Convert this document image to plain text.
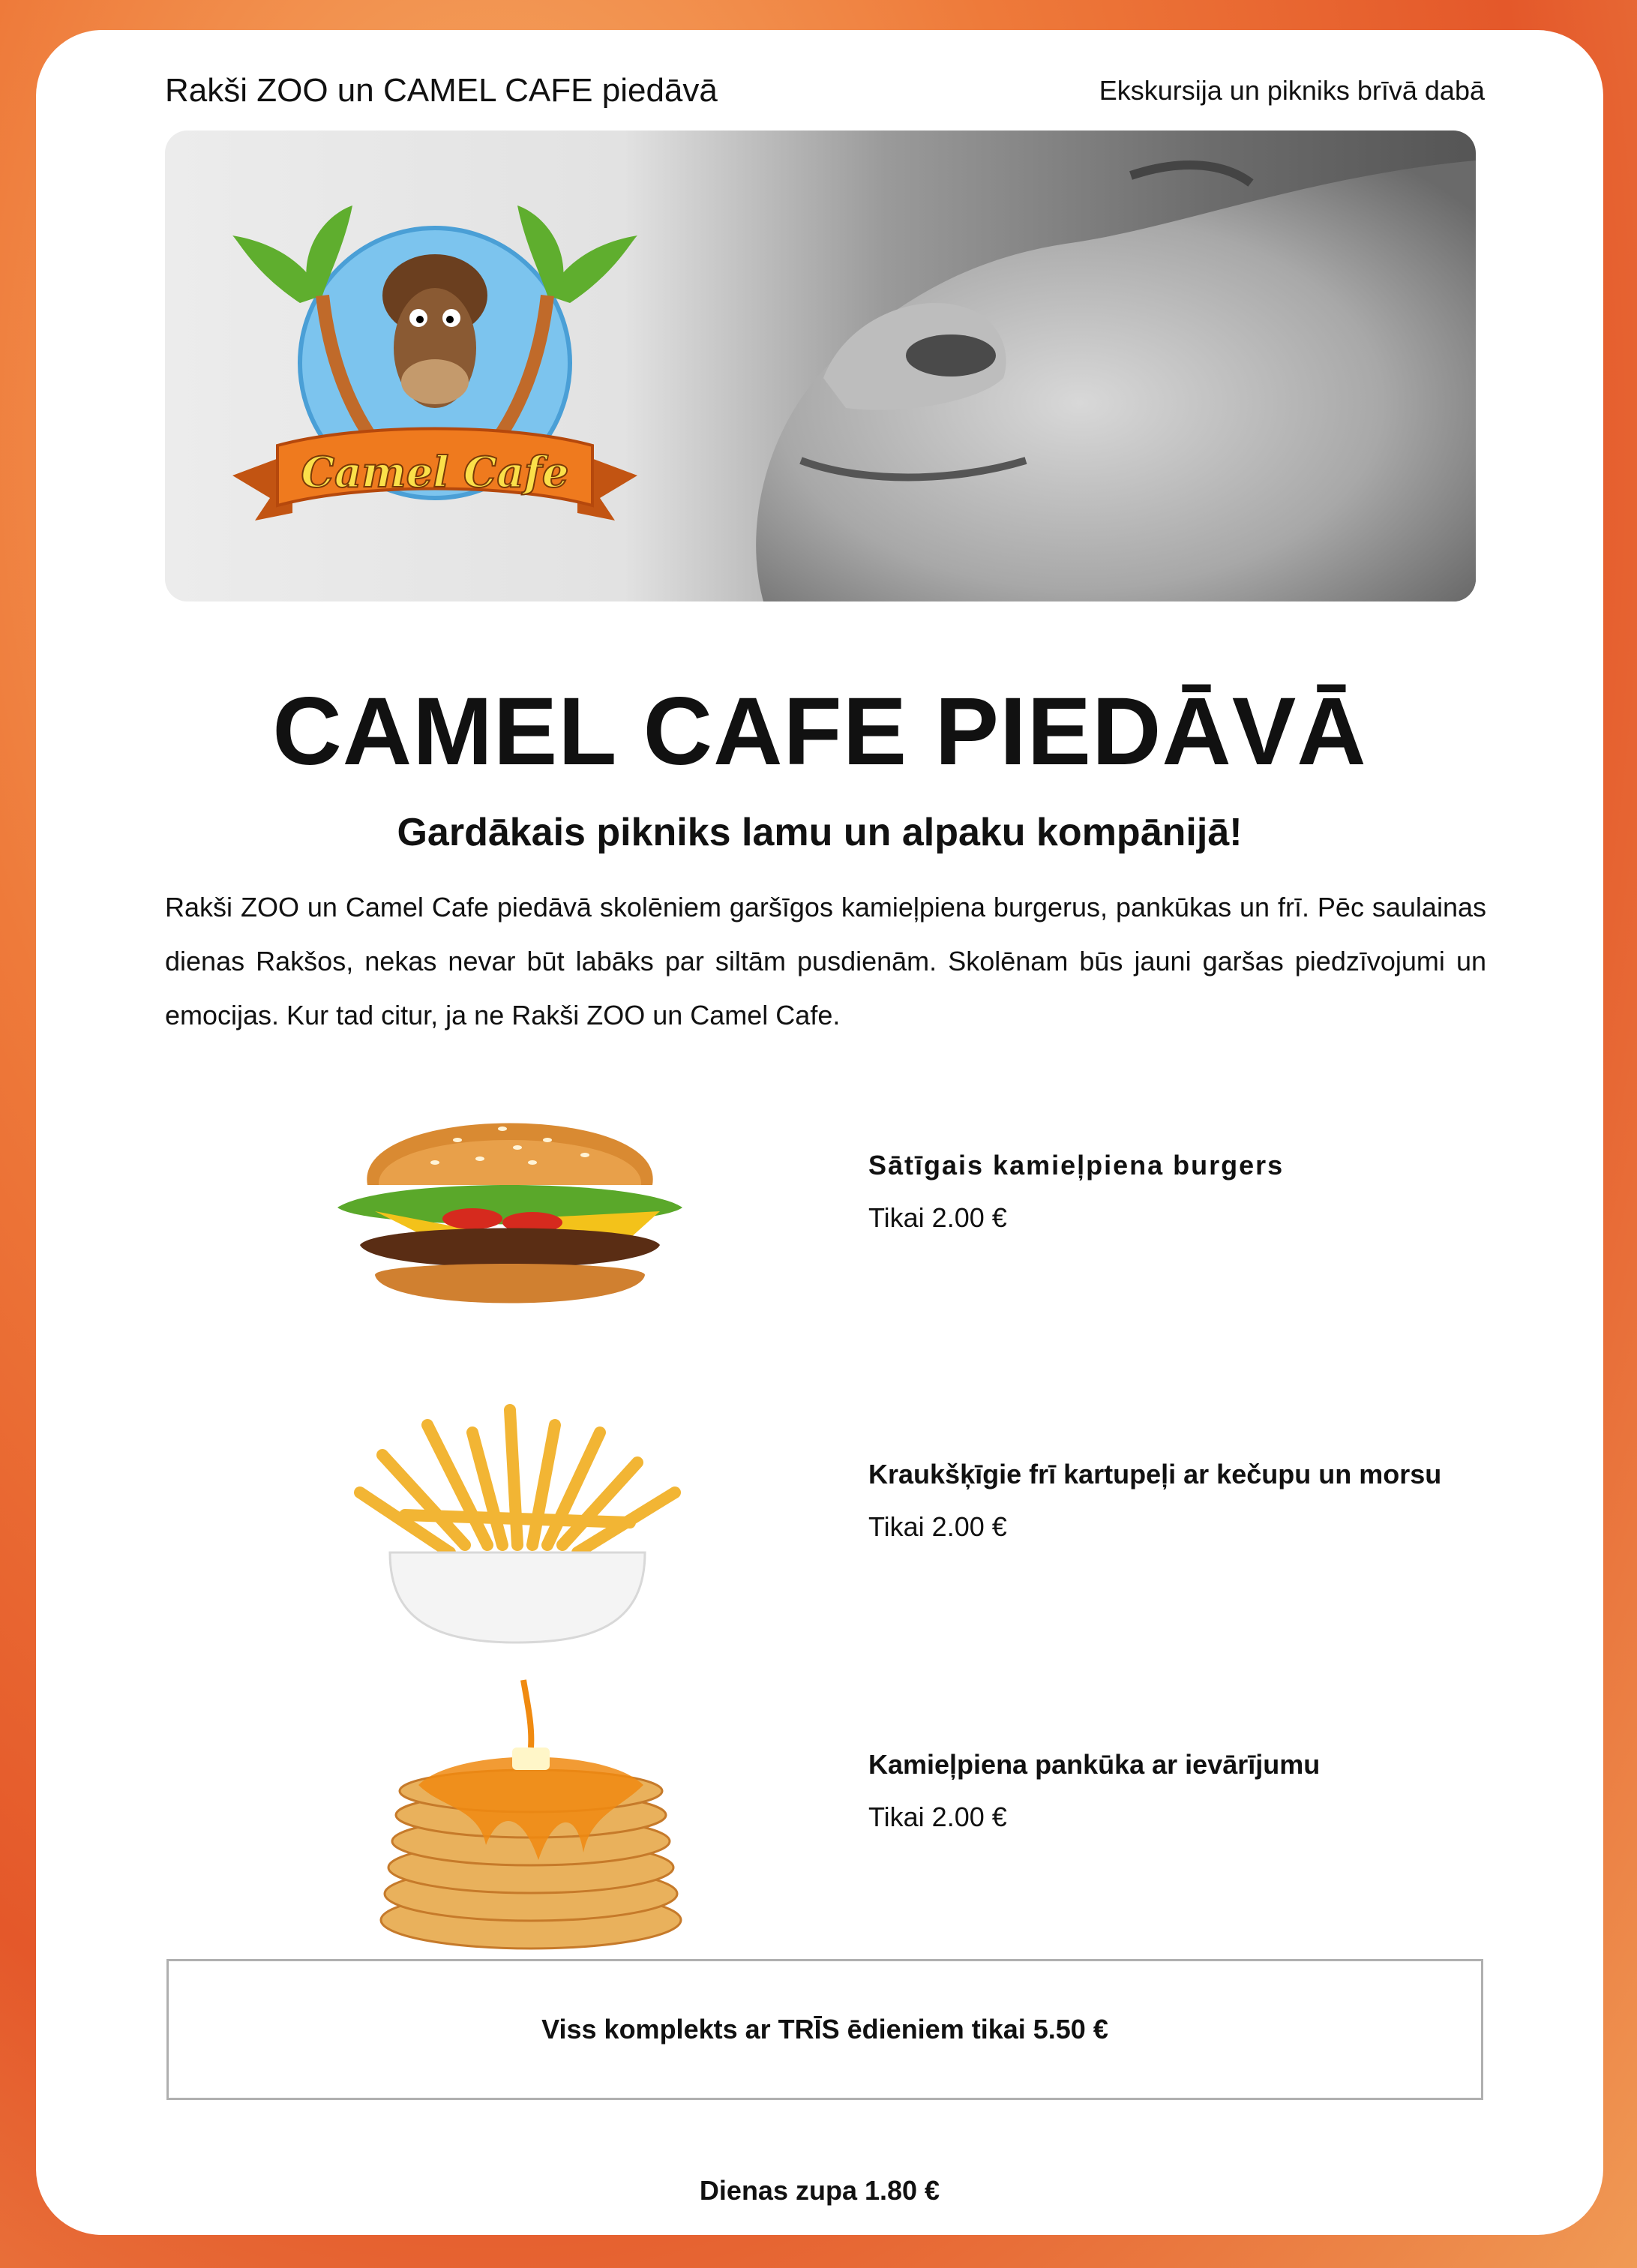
Rakši ZOO un CAMEL CAFE piedāvā	Ekskursija un pikniks brīvā dabā
Camel Cafe
CAMEL CAFE PIEDĀVĀ
Gardākais pikniks lamu un alpaku kompānijā!
Rakši ZOO un Camel Cafe piedāvā skolēniem garšīgos kamieļpiena burgerus, pankūkas un frī. Pēc saulainas dienas Rakšos, nekas nevar būt labāks par siltām pusdienām. Skolēnam būs jauni garšas piedzīvojumi un emocijas. Kur tad citur, ja ne Rakši ZOO un Camel Cafe.
Sātīgais kamieļpiena burgers
Tikai 2.00 €
Kraukšķīgie frī kartupeļi ar kečupu un morsu
Tikai 2.00 €
Kamieļpiena pankūka ar ievārījumu
Tikai 2.00 €
Viss komplekts ar TRĪS ēdieniem tikai 5.50 €
Dienas zupa 1.80 €
